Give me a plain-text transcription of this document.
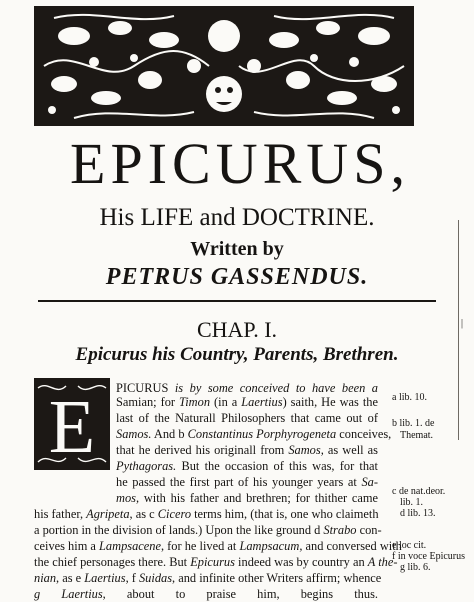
EPICURUS,
His LIFE and DOCTRINE.
Written by
PETRUS GASSENDUS.
|
CHAP. I.
Epicurus his Country, Parents, Brethren.
E PICURUS is by some conceived to have been a
Samian; for Timon (in a Laertius) saith, He was the
last of the Naturall Philosophers that came out of
Samos. And b Constantinus Porphyrogeneta conceives,
that he derived his originall from Samos, as well as
Pythagoras. But the occasion of this was, for that
he passed the first part of his younger years at Sa-
mos, with his father and brethren; for thither came
his father, Agripeta, as c Cicero terms him, (that is, one who claimeth
a portion in the division of lands.) Upon the like ground d Strabo con-
ceives him a Lampsacene, for he lived at Lampsacum, and conversed with
the chief personages there. But Epicurus indeed was by country an A the-
nian, as e Laertius, f Suidas, and infinite other Writers affirm; whence
g Laertius, about to praise him, begins thus.
a lib. 10.
b lib. 1. de
Themat.
c de nat.deor.
lib. 1.
d lib. 13.
e loc cit.
f in voce Epicurus
g lib. 6.
